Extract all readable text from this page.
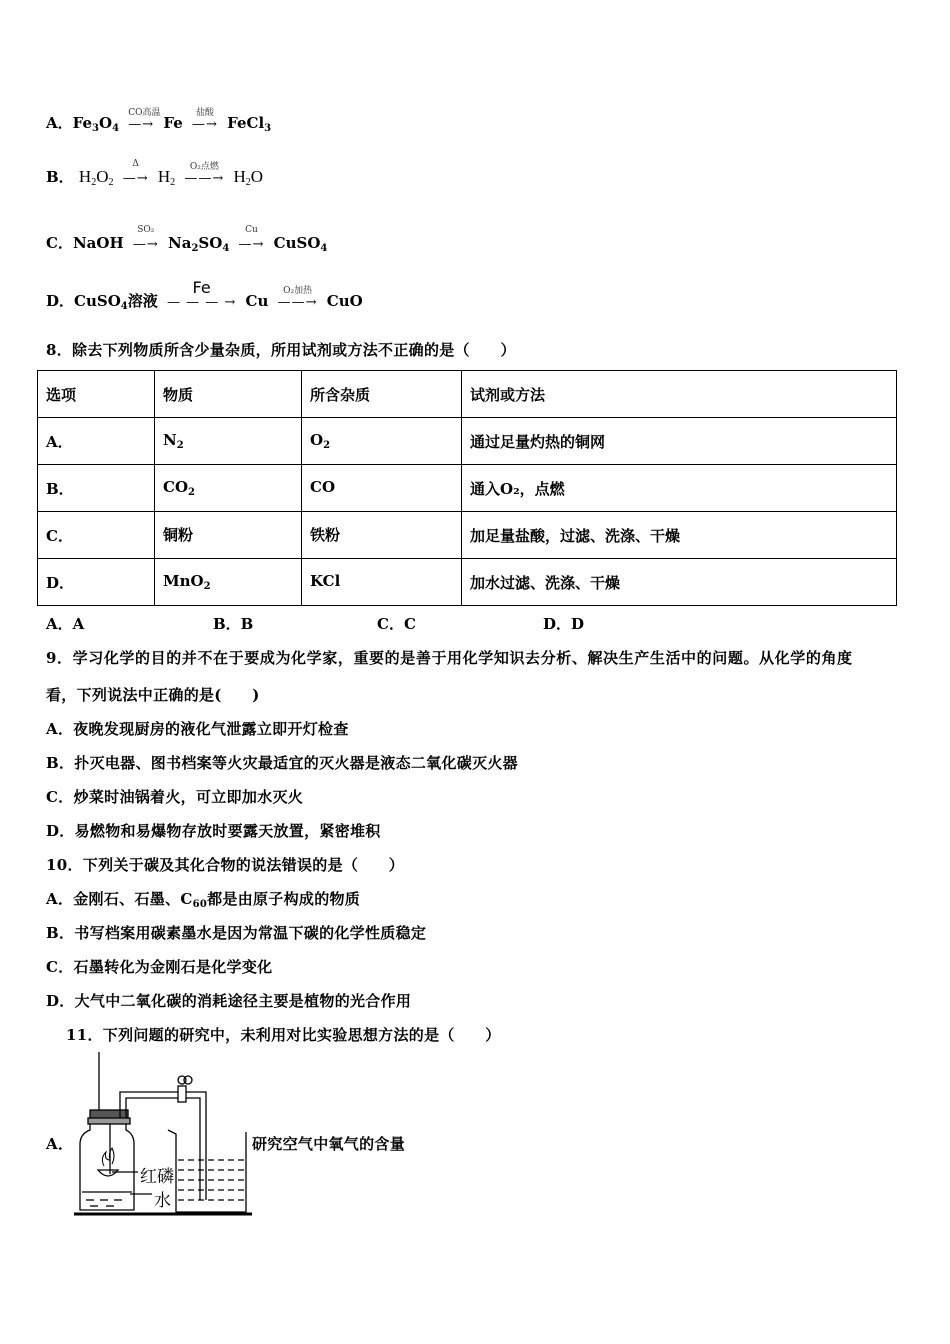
A．$Fe_3O_4$
CO高温
—→ Fe
盐酸
—→ FeCl$_3$
B． $H_2O_2$
Δ
—→ $H_2$
O₂点燃
——→ $H_2O$
C．NaOH
SO₂
—→ $Na_2SO_4$
Cu
—→ CuSO$_4$
D．CuSO$_4$溶液
Fe
— — — → Cu
O₂加热
——→ CuO
8．除去下列物质所含少量杂质，所用试剂或方法不正确的是（　　）
选项	物质	所含杂质	试剂或方法
A．	$N_2$	$O_2$	通过足量灼热的铜网
B．	$CO_2$	CO	通入O₂，点燃
C．	铜粉	铁粉	加足量盐酸，过滤、洗涤、干燥
D．	MnO$_2$	KCl	加水过滤、洗涤、干燥
A．A	B．B	C．C	D．D
9．学习化学的目的并不在于要成为化学家，重要的是善于用化学知识去分析、解决生产生活中的问题。从化学的角度
看，下列说法中正确的是(　　)
A．夜晚发现厨房的液化气泄露立即开灯检查
B．扑灭电器、图书档案等火灾最适宜的灭火器是液态二氧化碳灭火器
C．炒菜时油锅着火，可立即加水灭火
D．易燃物和易爆物存放时要露天放置，紧密堆积
10．下列关于碳及其化合物的说法错误的是（　　）
A．金刚石、石墨、$C_{60}$都是由原子构成的物质
B．书写档案用碳素墨水是因为常温下碳的化学性质稳定
C．石墨转化为金刚石是化学变化
D．大气中二氧化碳的消耗途径主要是植物的光合作用
11．下列问题的研究中，未利用对比实验思想方法的是（　　）
A．	研究空气中氧气的含量
红磷
水
